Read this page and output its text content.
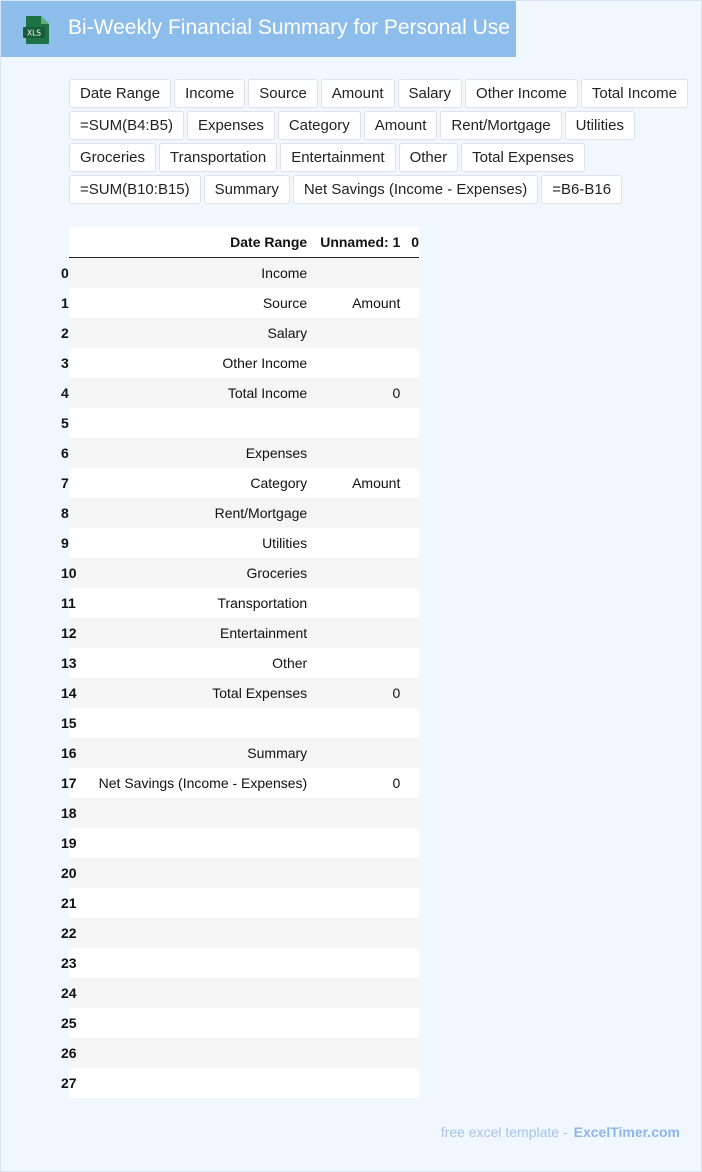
XLS Bi-Weekly Financial Summary for Personal Use
Date Range	Income	Source	Amount	Salary	Other Income	Total Income
=SUM(B4:B5)	Expenses	Category	Amount	Rent/Mortgage	Utilities
Groceries	Transportation	Entertainment	Other	Total Expenses
=SUM(B10:B15)	Summary	Net Savings (Income - Expenses)	=B6-B16
	Date Range	Unnamed: 1	0
0	Income		
1	Source	Amount	
2	Salary		
3	Other Income		
4	Total Income	0	
5			
6	Expenses		
7	Category	Amount	
8	Rent/Mortgage		
9	Utilities		
10	Groceries		
11	Transportation		
12	Entertainment		
13	Other		
14	Total Expenses	0	
15			
16	Summary		
17	Net Savings (Income - Expenses)	0	
18			
19			
20			
21			
22			
23			
24			
25			
26			
27			
free excel template - ExcelTimer.com
